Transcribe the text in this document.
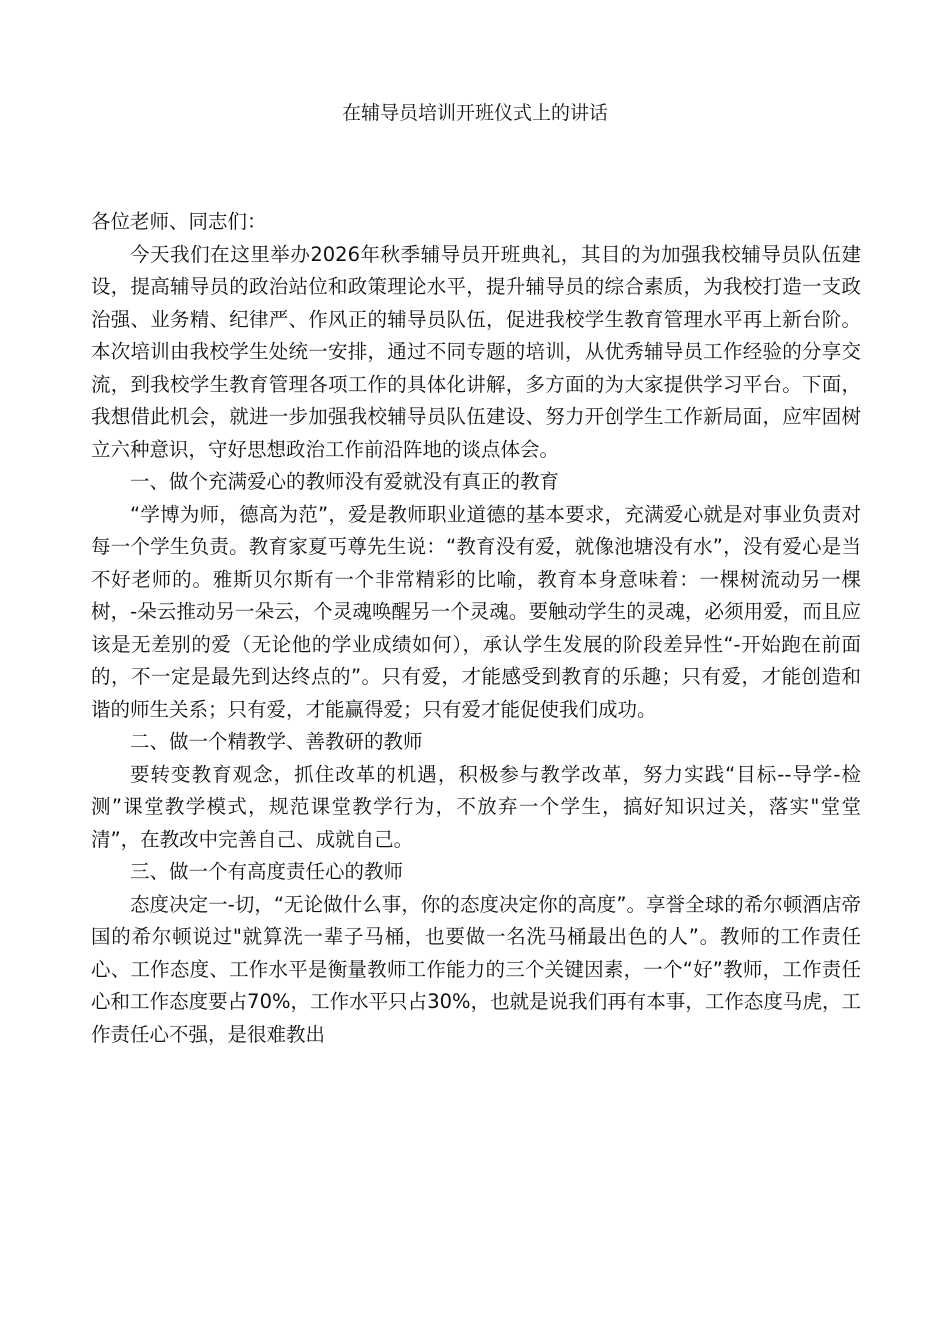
在辅导员培训开班仪式上的讲话

各位老师、同志们：

今天我们在这里举办2026年秋季辅导员开班典礼，其目的为加强我校辅导员队伍建设，提高辅导员的政治站位和政策理论水平，提升辅导员的综合素质，为我校打造一支政治强、业务精、纪律严、作风正的辅导员队伍，促进我校学生教育管理水平再上新台阶。本次培训由我校学生处统一安排，通过不同专题的培训，从优秀辅导员工作经验的分享交流，到我校学生教育管理各项工作的具体化讲解，多方面的为大家提供学习平台。下面，我想借此机会，就进一步加强我校辅导员队伍建设、努力开创学生工作新局面，应牢固树立六种意识，守好思想政治工作前沿阵地的谈点体会。

一、做个充满爱心的教师没有爱就没有真正的教育

“学博为师，德高为范”，爱是教师职业道德的基本要求，充满爱心就是对事业负责对每一个学生负责。教育家夏丐尊先生说：“教育没有爱，就像池塘没有水”，没有爱心是当不好老师的。雅斯贝尔斯有一个非常精彩的比喻，教育本身意味着：一棵树流动另一棵树，-朵云推动另一朵云，个灵魂唤醒另一个灵魂。要触动学生的灵魂，必须用爱，而且应该是无差别的爱（无论他的学业成绩如何），承认学生发展的阶段差异性“-开始跑在前面的，不一定是最先到达终点的”。只有爱，才能感受到教育的乐趣；只有爱，才能创造和谐的师生关系；只有爱，才能赢得爱；只有爱才能促使我们成功。

二、做一个精教学、善教研的教师

要转变教育观念，抓住改革的机遇，积极参与教学改革，努力实践“目标--导学-检测”课堂教学模式，规范课堂教学行为，不放弃一个学生，搞好知识过关，落实"堂堂清”，在教改中完善自己、成就自己。

三、做一个有高度责任心的教师

态度决定一-切，“无论做什么事，你的态度决定你的高度”。享誉全球的希尔顿酒店帝国的希尔顿说过"就算洗一辈子马桶，也要做一名洗马桶最出色的人”。教师的工作责任心、工作态度、工作水平是衡量教师工作能力的三个关键因素，一个“好”教师，工作责任心和工作态度要占70%，工作水平只占30%，也就是说我们再有本事，工作态度马虎，工作责任心不强，是很难教出
